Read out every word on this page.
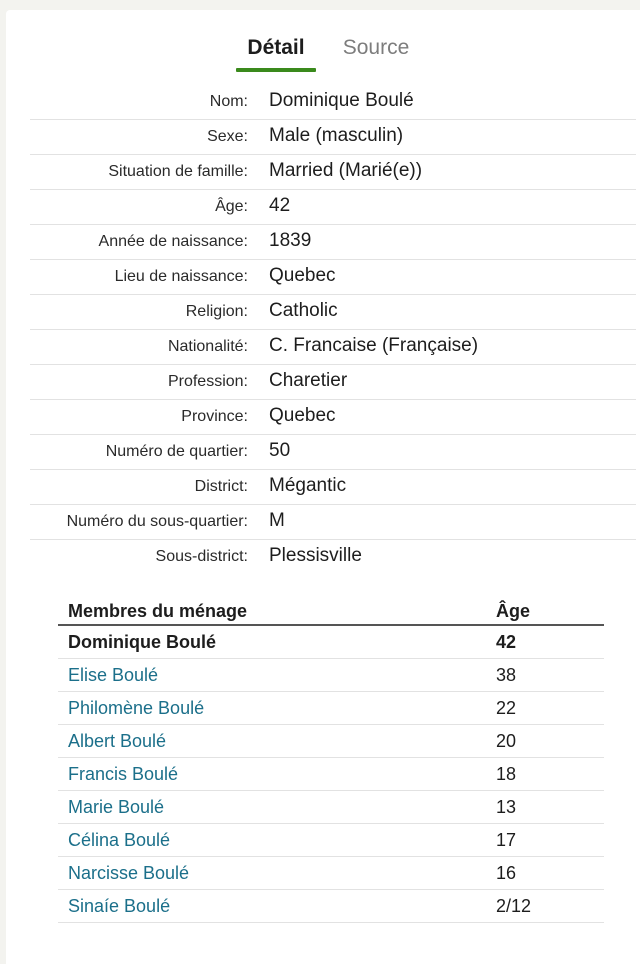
Détail	Source
Nom: Dominique Boulé
Sexe: Male (masculin)
Situation de famille: Married (Marié(e))
Âge: 42
Année de naissance: 1839
Lieu de naissance: Quebec
Religion: Catholic
Nationalité: C. Francaise (Française)
Profession: Charetier
Province: Quebec
Numéro de quartier: 50
District: Mégantic
Numéro du sous-quartier: M
Sous-district: Plessisville
Membres du ménage	Âge
Dominique Boulé	42
Elise Boulé	38
Philomène Boulé	22
Albert Boulé	20
Francis Boulé	18
Marie Boulé	13
Célina Boulé	17
Narcisse Boulé	16
Sinaíe Boulé	2/12
